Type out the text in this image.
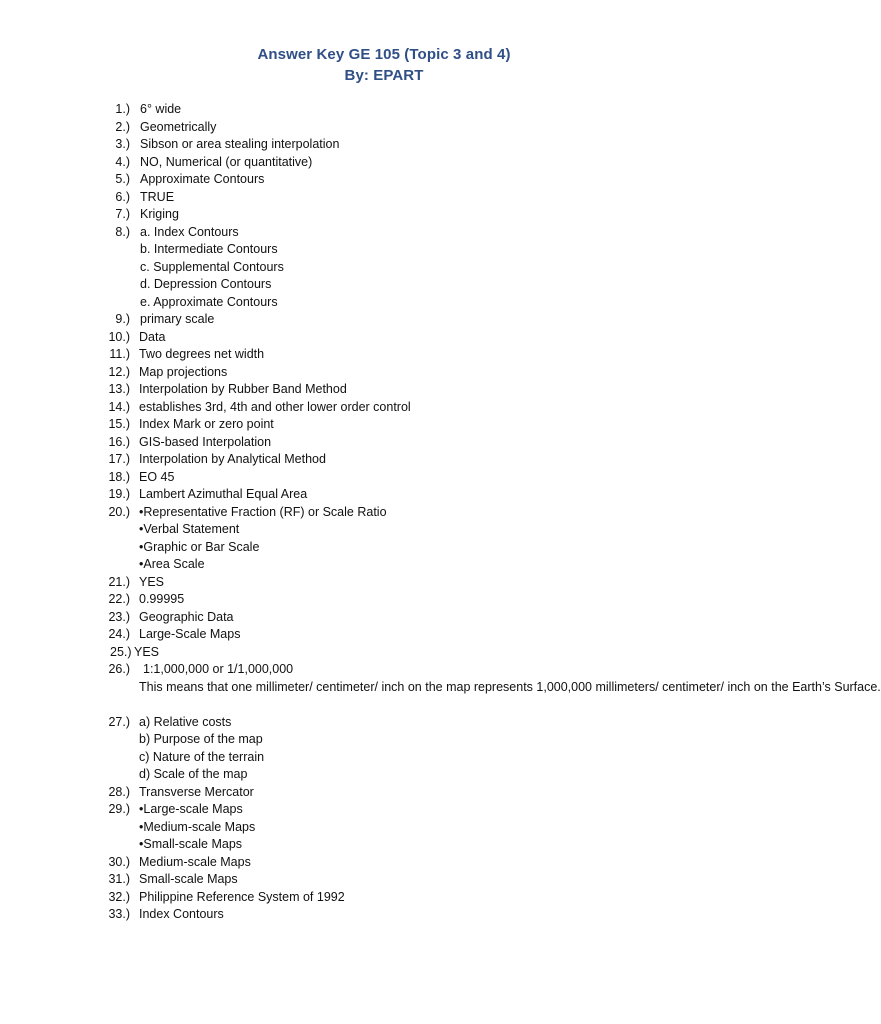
Answer Key GE 105 (Topic 3 and 4)
By: EPART
1.) 6° wide
2.) Geometrically
3.) Sibson or area stealing interpolation
4.) NO, Numerical (or quantitative)
5.) Approximate Contours
6.) TRUE
7.) Kriging
8.) a. Index Contours
b. Intermediate Contours
c. Supplemental Contours
d. Depression Contours
e. Approximate Contours
9.) primary scale
10.) Data
11.) Two degrees net width
12.) Map projections
13.) Interpolation by Rubber Band Method
14.) establishes 3rd, 4th and other lower order control
15.) Index Mark or zero point
16.) GIS-based Interpolation
17.) Interpolation by Analytical Method
18.) EO 45
19.) Lambert Azimuthal Equal Area
20.) •Representative Fraction (RF) or Scale Ratio
•Verbal Statement
•Graphic or Bar Scale
•Area Scale
21.) YES
22.) 0.99995
23.) Geographic Data
24.) Large-Scale Maps
25.) YES
26.) 1:1,000,000 or 1/1,000,000
This means that one millimeter/ centimeter/ inch on the map represents 1,000,000 millimeters/ centimeter/ inch on the Earth’s Surface.
27.) a) Relative costs
b) Purpose of the map
c) Nature of the terrain
d) Scale of the map
28.) Transverse Mercator
29.) •Large-scale Maps
•Medium-scale Maps
•Small-scale Maps
30.) Medium-scale Maps
31.) Small-scale Maps
32.) Philippine Reference System of 1992
33.) Index Contours
